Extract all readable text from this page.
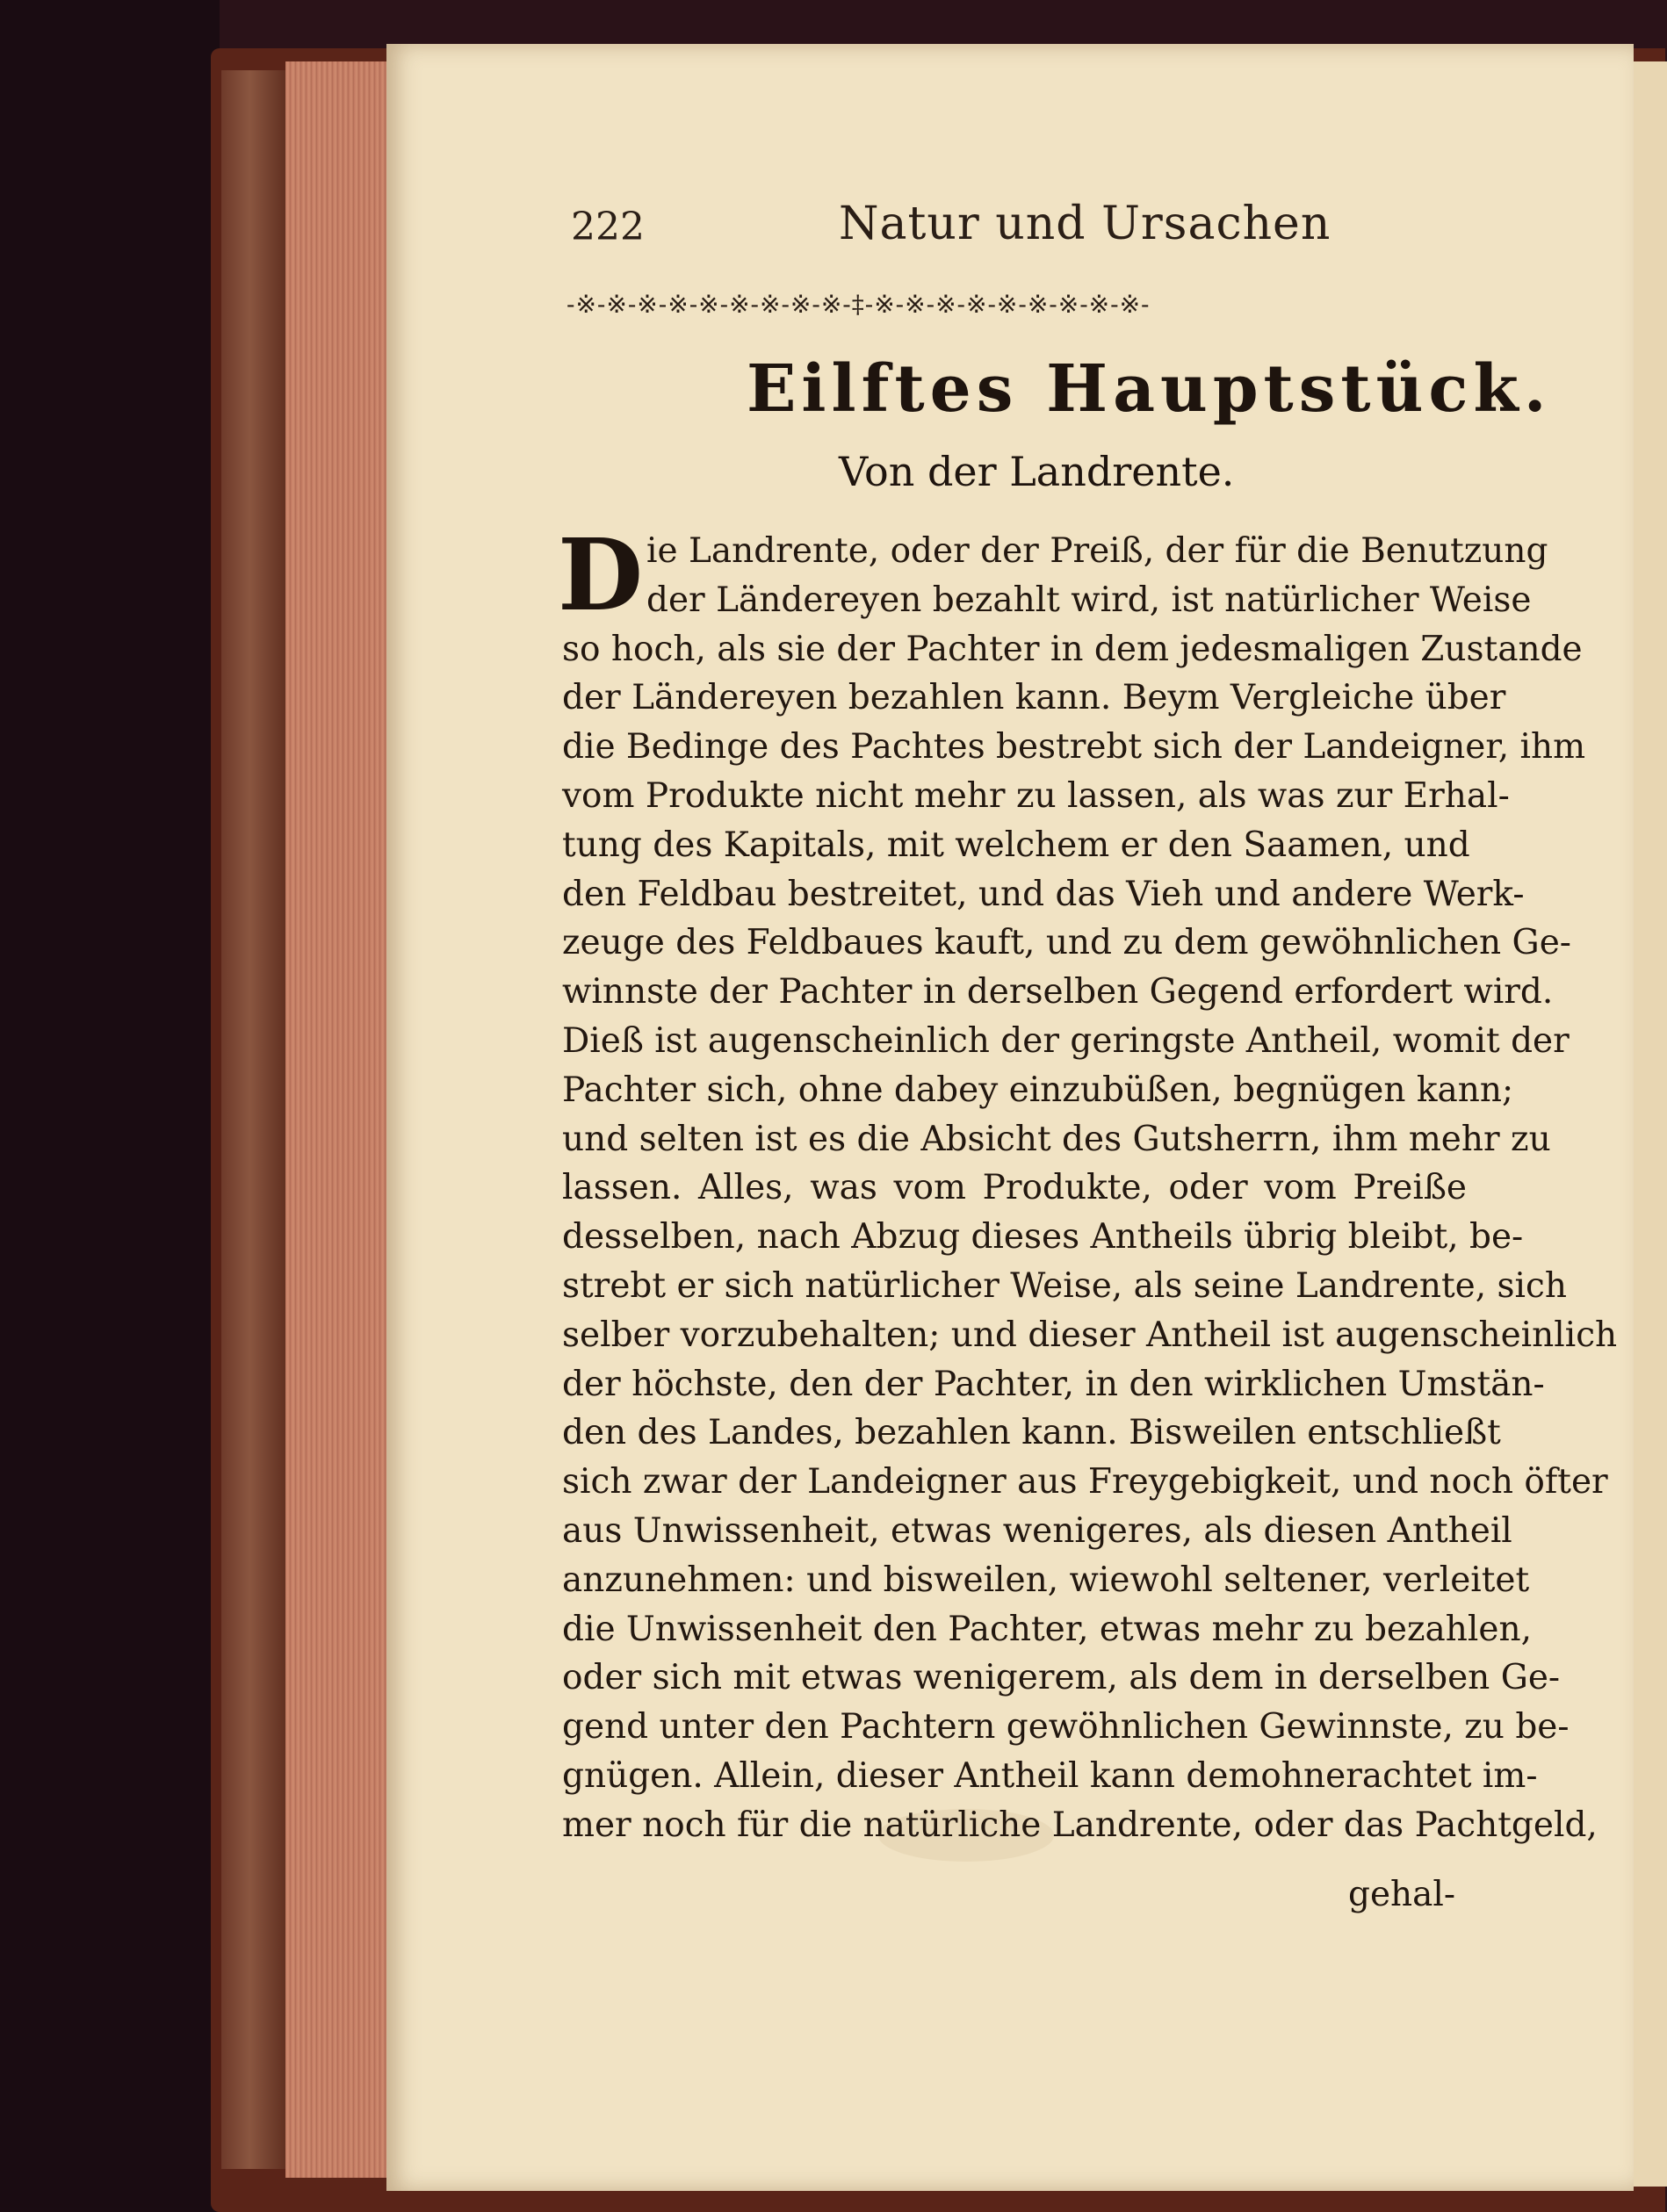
222	Natur und Ursachen
-※-※-※-※-※-※-※-※-※-‡-※-※-※-※-※-※-※-※-※-
Eilftes Hauptstück.
Von der Landrente.
D ie Landrente, oder der Preiß, der für die Benutzung
der Ländereyen bezahlt wird, ist natürlicher Weise
so hoch, als sie der Pachter in dem jedesmaligen Zustande
der Ländereyen bezahlen kann. Beym Vergleiche über
die Bedinge des Pachtes bestrebt sich der Landeigner, ihm
vom Produkte nicht mehr zu lassen, als was zur Erhal-
tung des Kapitals, mit welchem er den Saamen, und
den Feldbau bestreitet, und das Vieh und andere Werk-
zeuge des Feldbaues kauft, und zu dem gewöhnlichen Ge-
winnste der Pachter in derselben Gegend erfordert wird.
Dieß ist augenscheinlich der geringste Antheil, womit der
Pachter sich, ohne dabey einzubüßen, begnügen kann;
und selten ist es die Absicht des Gutsherrn, ihm mehr zu
lassen. Alles, was vom Produkte, oder vom Preiße
desselben, nach Abzug dieses Antheils übrig bleibt, be-
strebt er sich natürlicher Weise, als seine Landrente, sich
selber vorzubehalten; und dieser Antheil ist augenscheinlich
der höchste, den der Pachter, in den wirklichen Umstän-
den des Landes, bezahlen kann. Bisweilen entschließt
sich zwar der Landeigner aus Freygebigkeit, und noch öfter
aus Unwissenheit, etwas wenigeres, als diesen Antheil
anzunehmen: und bisweilen, wiewohl seltener, verleitet
die Unwissenheit den Pachter, etwas mehr zu bezahlen,
oder sich mit etwas wenigerem, als dem in derselben Ge-
gend unter den Pachtern gewöhnlichen Gewinnste, zu be-
gnügen. Allein, dieser Antheil kann demohnerachtet im-
mer noch für die natürliche Landrente, oder das Pachtgeld,
gehal-
